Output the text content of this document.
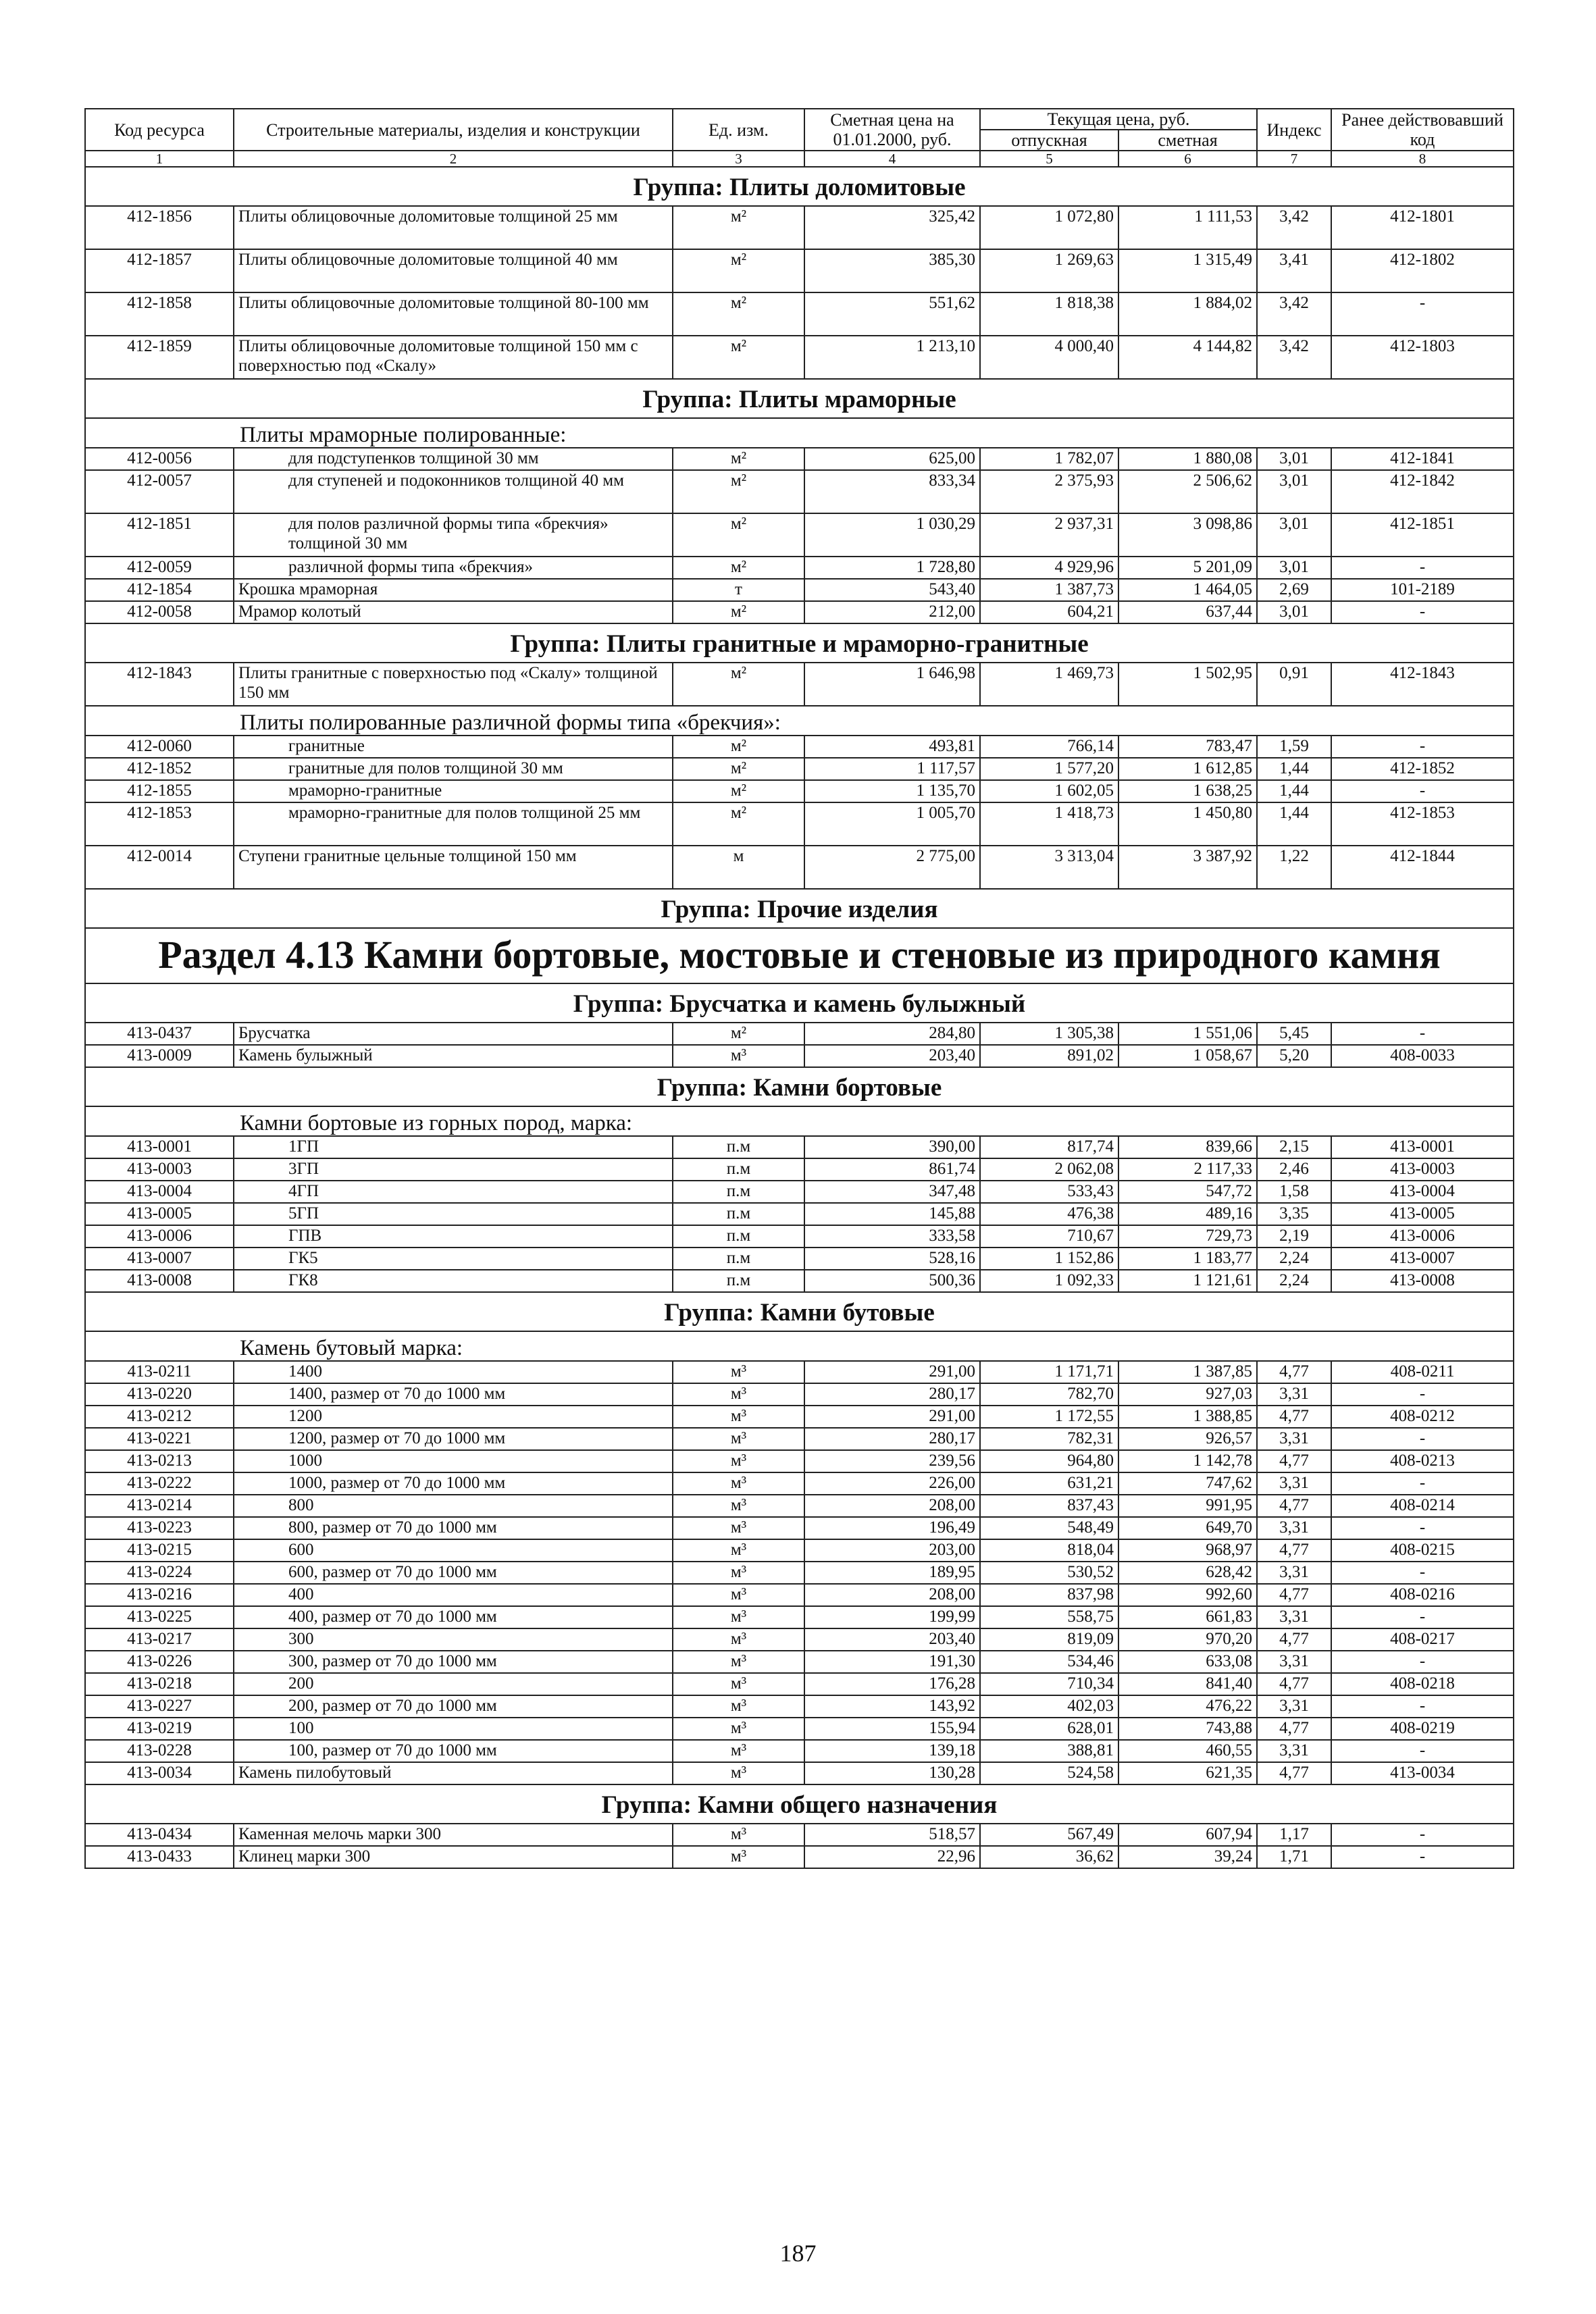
Код ресурса	Строительные материалы, изделия и конструкции	Ед. изм.	Сметная цена на 01.01.2000, руб.	Текущая цена, руб.		Индекс	Ранее действовавший код
				отпускная	сметная		
1	2	3	4	5	6	7	8
Группа: Плиты доломитовые							
412-1856	Плиты облицовочные доломитовые толщиной 25 мм	м²	325,42	1 072,80	1 111,53	3,42	412-1801
412-1857	Плиты облицовочные доломитовые толщиной 40 мм	м²	385,30	1 269,63	1 315,49	3,41	412-1802
412-1858	Плиты облицовочные доломитовые толщиной 80-100 мм	м²	551,62	1 818,38	1 884,02	3,42	-
412-1859	Плиты облицовочные доломитовые толщиной 150 мм с поверхностью под «Скалу»	м²	1 213,10	4 000,40	4 144,82	3,42	412-1803
Группа: Плиты мраморные							
Плиты мраморные полированные:							
412-0056	для подступенков толщиной 30 мм	м²	625,00	1 782,07	1 880,08	3,01	412-1841
412-0057	для ступеней и подоконников толщиной 40 мм	м²	833,34	2 375,93	2 506,62	3,01	412-1842
412-1851	для полов различной формы типа «брекчия» толщиной 30 мм	м²	1 030,29	2 937,31	3 098,86	3,01	412-1851
412-0059	различной формы типа «брекчия»	м²	1 728,80	4 929,96	5 201,09	3,01	-
412-1854	Крошка мраморная	т	543,40	1 387,73	1 464,05	2,69	101-2189
412-0058	Мрамор колотый	м²	212,00	604,21	637,44	3,01	-
Группа: Плиты гранитные и мраморно-гранитные							
412-1843	Плиты гранитные с поверхностью под «Скалу» толщиной 150 мм	м²	1 646,98	1 469,73	1 502,95	0,91	412-1843
Плиты полированные различной формы типа «брекчия»:							
412-0060	гранитные	м²	493,81	766,14	783,47	1,59	-
412-1852	гранитные для полов толщиной 30 мм	м²	1 117,57	1 577,20	1 612,85	1,44	412-1852
412-1855	мраморно-гранитные	м²	1 135,70	1 602,05	1 638,25	1,44	-
412-1853	мраморно-гранитные для полов толщиной 25 мм	м²	1 005,70	1 418,73	1 450,80	1,44	412-1853
412-0014	Ступени гранитные цельные толщиной 150 мм	м	2 775,00	3 313,04	3 387,92	1,22	412-1844
Группа: Прочие изделия							
Раздел 4.13 Камни бортовые, мостовые и стеновые из природного камня							
Группа: Брусчатка и камень булыжный							
413-0437	Брусчатка	м²	284,80	1 305,38	1 551,06	5,45	-
413-0009	Камень булыжный	м³	203,40	891,02	1 058,67	5,20	408-0033
Группа: Камни бортовые							
Камни бортовые из горных пород, марка:							
413-0001	1ГП	п.м	390,00	817,74	839,66	2,15	413-0001
413-0003	3ГП	п.м	861,74	2 062,08	2 117,33	2,46	413-0003
413-0004	4ГП	п.м	347,48	533,43	547,72	1,58	413-0004
413-0005	5ГП	п.м	145,88	476,38	489,16	3,35	413-0005
413-0006	ГПВ	п.м	333,58	710,67	729,73	2,19	413-0006
413-0007	ГК5	п.м	528,16	1 152,86	1 183,77	2,24	413-0007
413-0008	ГК8	п.м	500,36	1 092,33	1 121,61	2,24	413-0008
Группа: Камни бутовые							
Камень бутовый марка:							
413-0211	1400	м³	291,00	1 171,71	1 387,85	4,77	408-0211
413-0220	1400, размер от 70 до 1000 мм	м³	280,17	782,70	927,03	3,31	-
413-0212	1200	м³	291,00	1 172,55	1 388,85	4,77	408-0212
413-0221	1200, размер от 70 до 1000 мм	м³	280,17	782,31	926,57	3,31	-
413-0213	1000	м³	239,56	964,80	1 142,78	4,77	408-0213
413-0222	1000, размер от 70 до 1000 мм	м³	226,00	631,21	747,62	3,31	-
413-0214	800	м³	208,00	837,43	991,95	4,77	408-0214
413-0223	800, размер от 70 до 1000 мм	м³	196,49	548,49	649,70	3,31	-
413-0215	600	м³	203,00	818,04	968,97	4,77	408-0215
413-0224	600, размер от 70 до 1000 мм	м³	189,95	530,52	628,42	3,31	-
413-0216	400	м³	208,00	837,98	992,60	4,77	408-0216
413-0225	400, размер от 70 до 1000 мм	м³	199,99	558,75	661,83	3,31	-
413-0217	300	м³	203,40	819,09	970,20	4,77	408-0217
413-0226	300, размер от 70 до 1000 мм	м³	191,30	534,46	633,08	3,31	-
413-0218	200	м³	176,28	710,34	841,40	4,77	408-0218
413-0227	200, размер от 70 до 1000 мм	м³	143,92	402,03	476,22	3,31	-
413-0219	100	м³	155,94	628,01	743,88	4,77	408-0219
413-0228	100, размер от 70 до 1000 мм	м³	139,18	388,81	460,55	3,31	-
413-0034	Камень пилобутовый	м³	130,28	524,58	621,35	4,77	413-0034
Группа: Камни общего назначения							
413-0434	Каменная мелочь марки 300	м³	518,57	567,49	607,94	1,17	-
413-0433	Клинец марки 300	м³	22,96	36,62	39,24	1,71	-
187
